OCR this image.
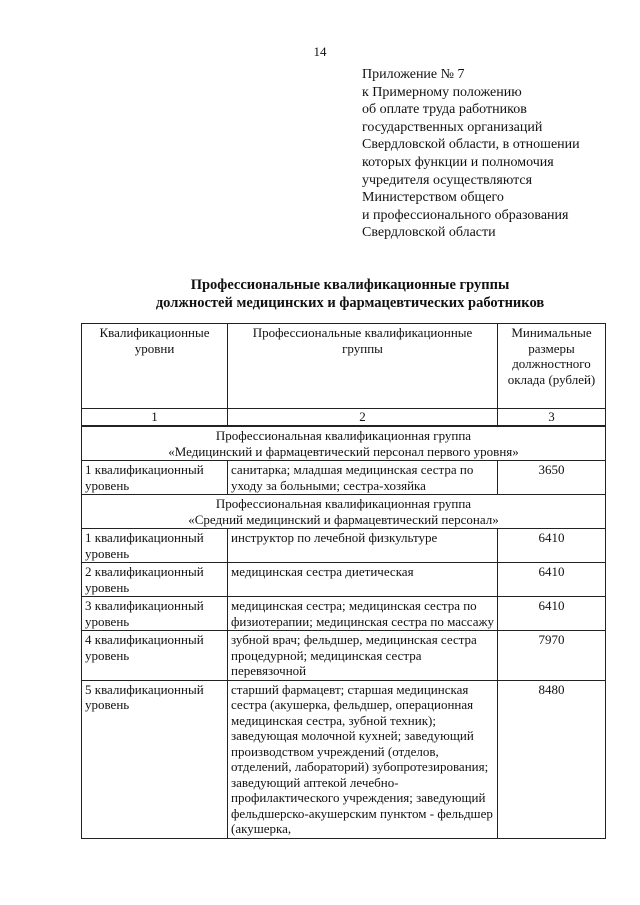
14
Приложение № 7
к Примерному положению
об оплате труда работников
государственных организаций
Свердловской области, в отношении
которых функции и полномочия
учредителя осуществляются
Министерством общего
и профессионального образования
Свердловской области
Профессиональные квалификационные группы
должностей медицинских и фармацевтических работников
Квалификационные уровни	Профессиональные квалификационные группы	Минимальные размеры должностного оклада (рублей)
1	2	3

Профессиональная квалификационная группа
«Медицинский и фармацевтический персонал первого уровня»		

1 квалификационный уровень	санитарка; младшая медицинская сестра по уходу за больными; сестра-хозяйка	3650

Профессиональная квалификационная группа
«Средний медицинский и фармацевтический персонал»		

1 квалификационный уровень	инструктор по лечебной физкультуре	6410
2 квалификационный уровень	медицинская сестра диетическая	6410
3 квалификационный уровень	медицинская сестра; медицинская сестра по физиотерапии; медицинская сестра по массажу	6410
4 квалификационный уровень	зубной врач; фельдшер, медицинская сестра процедурной; медицинская сестра перевязочной	7970
5 квалификационный уровень	старший фармацевт; старшая медицинская сестра (акушерка, фельдшер, операционная медицинская сестра, зубной техник); заведующая молочной кухней; заведующий производством учреждений (отделов, отделений, лабораторий) зубопротезирования; заведующий аптекой лечебно-профилактического учреждения; заведующий фельдшерско-акушерским пунктом - фельдшер (акушерка,	8480
